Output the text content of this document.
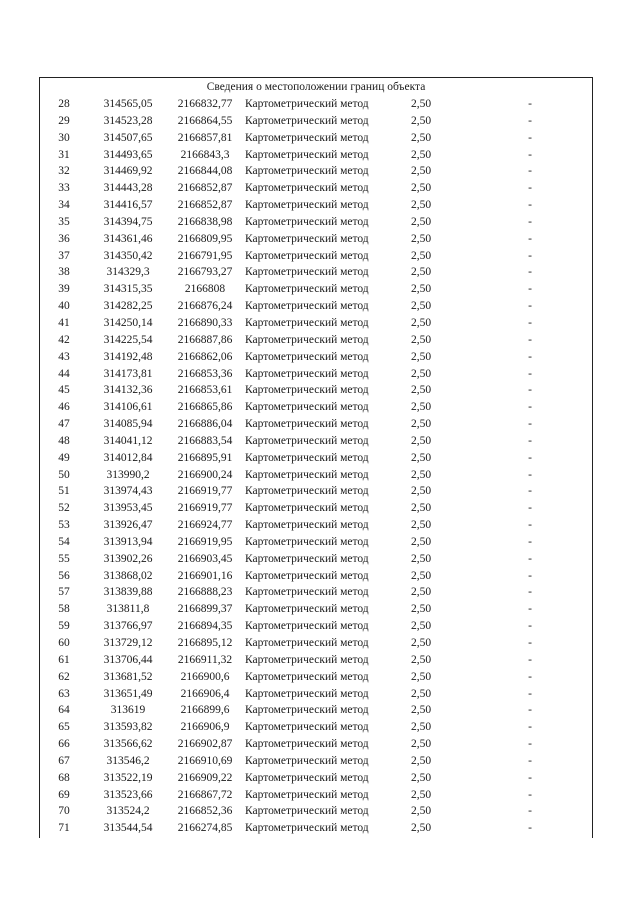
Сведения о местоположении границ объекта
28	314565,05	2166832,77	Картометрический метод	2,50	-
29	314523,28	2166864,55	Картометрический метод	2,50	-
30	314507,65	2166857,81	Картометрический метод	2,50	-
31	314493,65	2166843,3	Картометрический метод	2,50	-
32	314469,92	2166844,08	Картометрический метод	2,50	-
33	314443,28	2166852,87	Картометрический метод	2,50	-
34	314416,57	2166852,87	Картометрический метод	2,50	-
35	314394,75	2166838,98	Картометрический метод	2,50	-
36	314361,46	2166809,95	Картометрический метод	2,50	-
37	314350,42	2166791,95	Картометрический метод	2,50	-
38	314329,3	2166793,27	Картометрический метод	2,50	-
39	314315,35	2166808	Картометрический метод	2,50	-
40	314282,25	2166876,24	Картометрический метод	2,50	-
41	314250,14	2166890,33	Картометрический метод	2,50	-
42	314225,54	2166887,86	Картометрический метод	2,50	-
43	314192,48	2166862,06	Картометрический метод	2,50	-
44	314173,81	2166853,36	Картометрический метод	2,50	-
45	314132,36	2166853,61	Картометрический метод	2,50	-
46	314106,61	2166865,86	Картометрический метод	2,50	-
47	314085,94	2166886,04	Картометрический метод	2,50	-
48	314041,12	2166883,54	Картометрический метод	2,50	-
49	314012,84	2166895,91	Картометрический метод	2,50	-
50	313990,2	2166900,24	Картометрический метод	2,50	-
51	313974,43	2166919,77	Картометрический метод	2,50	-
52	313953,45	2166919,77	Картометрический метод	2,50	-
53	313926,47	2166924,77	Картометрический метод	2,50	-
54	313913,94	2166919,95	Картометрический метод	2,50	-
55	313902,26	2166903,45	Картометрический метод	2,50	-
56	313868,02	2166901,16	Картометрический метод	2,50	-
57	313839,88	2166888,23	Картометрический метод	2,50	-
58	313811,8	2166899,37	Картометрический метод	2,50	-
59	313766,97	2166894,35	Картометрический метод	2,50	-
60	313729,12	2166895,12	Картометрический метод	2,50	-
61	313706,44	2166911,32	Картометрический метод	2,50	-
62	313681,52	2166900,6	Картометрический метод	2,50	-
63	313651,49	2166906,4	Картометрический метод	2,50	-
64	313619	2166899,6	Картометрический метод	2,50	-
65	313593,82	2166906,9	Картометрический метод	2,50	-
66	313566,62	2166902,87	Картометрический метод	2,50	-
67	313546,2	2166910,69	Картометрический метод	2,50	-
68	313522,19	2166909,22	Картометрический метод	2,50	-
69	313523,66	2166867,72	Картометрический метод	2,50	-
70	313524,2	2166852,36	Картометрический метод	2,50	-
71	313544,54	2166274,85	Картометрический метод	2,50	-
